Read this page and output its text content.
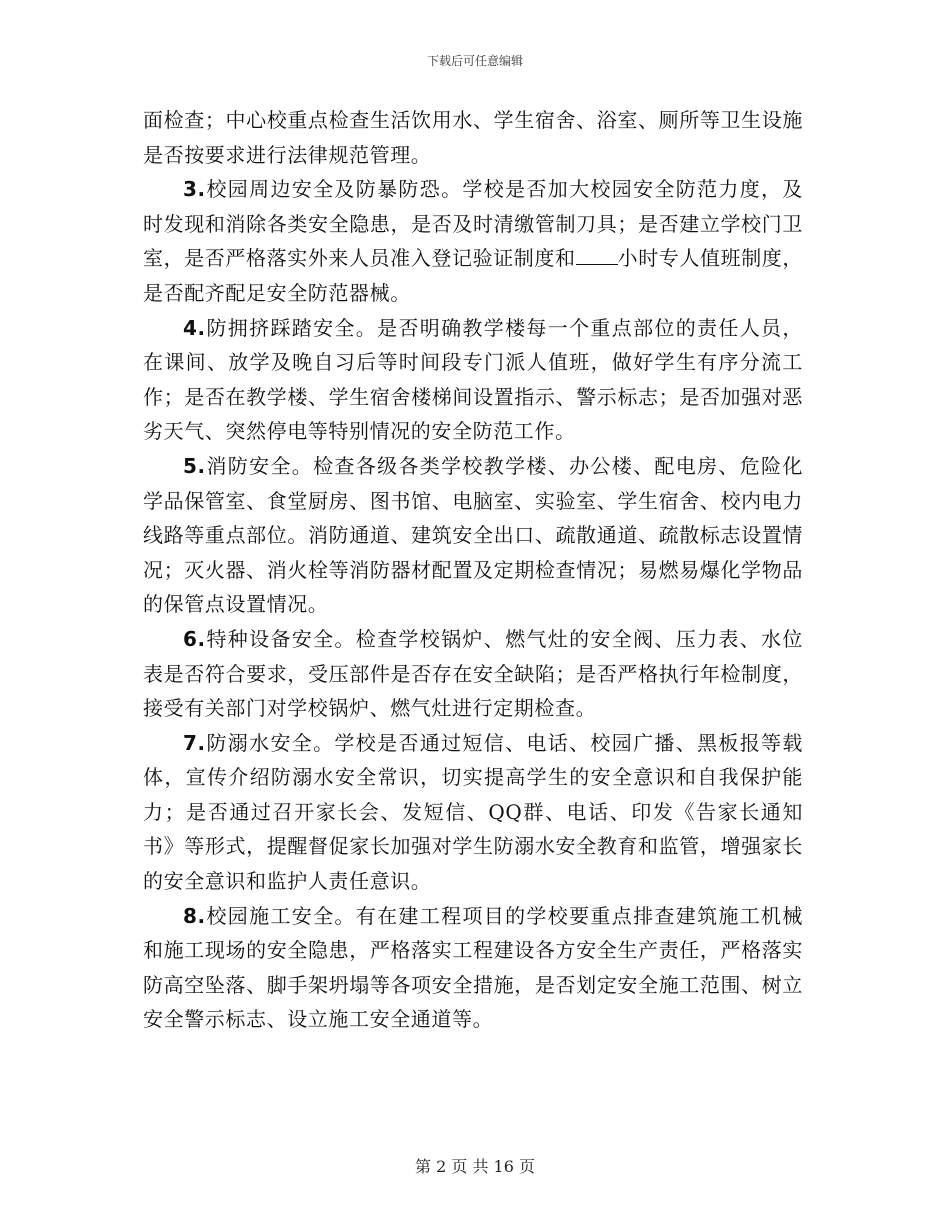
下载后可任意编辑

面检查；中心校重点检查生活饮用水、学生宿舍、浴室、厕所等卫生设施是否按要求进行法律规范管理。

3.校园周边安全及防暴防恐。学校是否加大校园安全防范力度，及时发现和消除各类安全隐患，是否及时清缴管制刀具；是否建立学校门卫室，是否严格落实外来人员准入登记验证制度和 小时专人值班制度，是否配齐配足安全防范器械。

4.防拥挤踩踏安全。是否明确教学楼每一个重点部位的责任人员，在课间、放学及晚自习后等时间段专门派人值班，做好学生有序分流工作；是否在教学楼、学生宿舍楼梯间设置指示、警示标志；是否加强对恶劣天气、突然停电等特别情况的安全防范工作。

5.消防安全。检查各级各类学校教学楼、办公楼、配电房、危险化学品保管室、食堂厨房、图书馆、电脑室、实验室、学生宿舍、校内电力线路等重点部位。消防通道、建筑安全出口、疏散通道、疏散标志设置情况；灭火器、消火栓等消防器材配置及定期检查情况；易燃易爆化学物品的保管点设置情况。

6.特种设备安全。检查学校锅炉、燃气灶的安全阀、压力表、水位表是否符合要求，受压部件是否存在安全缺陷；是否严格执行年检制度，接受有关部门对学校锅炉、燃气灶进行定期检查。

7.防溺水安全。学校是否通过短信、电话、校园广播、黑板报等载体，宣传介绍防溺水安全常识，切实提高学生的安全意识和自我保护能力；是否通过召开家长会、发短信、QQ群、电话、印发《告家长通知书》等形式，提醒督促家长加强对学生防溺水安全教育和监管，增强家长的安全意识和监护人责任意识。

8.校园施工安全。有在建工程项目的学校要重点排查建筑施工机械和施工现场的安全隐患，严格落实工程建设各方安全生产责任，严格落实防高空坠落、脚手架坍塌等各项安全措施，是否划定安全施工范围、树立安全警示标志、设立施工安全通道等。

第 2 页 共 16 页
